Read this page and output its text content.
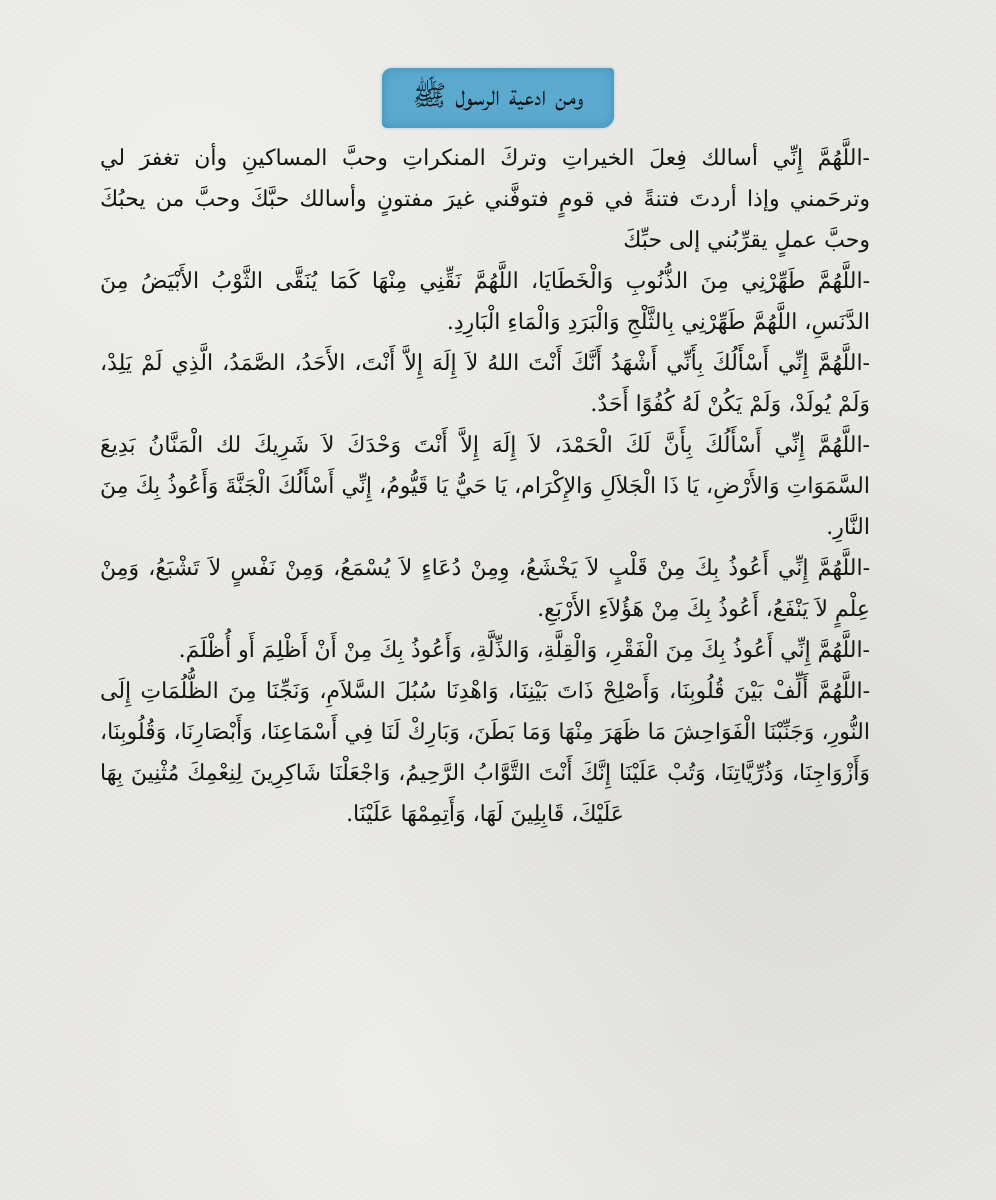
ومن ادعية الرسول ﷺ

-اللَّهُمَّ إِنِّي أسالك فِعلَ الخيراتِ وتركَ المنكراتِ وحبَّ المساكينِ وأن تغفرَ لي وترحَمني وإذا أردتَ فتنةً في قومٍ فتوفَّني غيرَ مفتونٍ وأسالك حبَّكَ وحبَّ من يحبُكَ وحبَّ عملٍ يقرِّبُني إلى حبِّكَ

-اللَّهُمَّ طَهِّرْنِي مِنَ الذُّنُوبِ وَالْخَطَايَا، اللَّهُمَّ نَقِّنِي مِنْهَا كَمَا يُنَقَّى الثَّوْبُ الأَبْيَضُ مِنَ الدَّنَسِ، اللَّهُمَّ طَهِّرْنِي بِالثَّلْجِ وَالْبَرَدِ وَالْمَاءِ الْبَارِدِ.

-اللَّهُمَّ إِنِّي أَسْأَلُكَ بِأَنِّي أَشْهَدُ أَنَّكَ أَنْتَ اللهُ لاَ إِلَهَ إِلاَّ أَنْتَ، الأَحَدُ، الصَّمَدُ، الَّذِي لَمْ يَلِدْ، وَلَمْ يُولَدْ، وَلَمْ يَكُنْ لَهُ كُفُوًا أَحَدٌ.

-اللَّهُمَّ إِنِّي أَسْأَلُكَ بِأَنَّ لَكَ الْحَمْدَ، لاَ إِلَهَ إِلاَّ أَنْتَ وَحْدَكَ لاَ شَرِيكَ لك الْمَنَّانُ بَدِيعَ السَّمَوَاتِ وَالأَرْضِ، يَا ذَا الْجَلاَلِ وَالإِكْرَام، يَا حَيُّ يَا قَيُّومُ، إِنِّي أَسْأَلُكَ الْجَنَّةَ وَأَعُوذُ بِكَ مِنَ النَّارِ.

-اللَّهُمَّ إِنِّي أَعُوذُ بِكَ مِنْ قَلْبٍ لاَ يَخْشَعُ، وِمِنْ دُعَاءٍ لاَ يُسْمَعُ، وَمِنْ نَفْسٍ لاَ تَشْبَعُ، وَمِنْ عِلْمٍ لاَ يَنْفَعُ، أَعُوذُ بِكَ مِنْ هَؤُلاَءِ الأَرْبَعِ.

-اللَّهُمَّ إِنِّي أَعُوذُ بِكَ مِنَ الْفَقْرِ، وَالْقِلَّةِ، وَالذِّلَّةِ، وَأَعُوذُ بِكَ مِنْ أَنْ أَظْلِمَ أَو أُظْلَمَ.

-اللَّهُمَّ أَلِّفْ بَيْنَ قُلُوبِنَا، وَأَصْلِحْ ذَاتَ بَيْنِنَا، وَاهْدِنَا سُبُلَ السَّلاَمِ، وَنَجِّنَا مِنَ الظُّلُمَاتِ إِلَى النُّورِ، وَجَنِّبْنَا الْفَوَاحِشَ مَا ظَهَرَ مِنْهَا وَمَا بَطَنَ، وَبَارِكْ لَنَا فِي أَسْمَاعِنَا، وَأَبْصَارِنَا، وَقُلُوبِنَا، وَأَزْوَاجِنَا، وَذُرِّيَّاتِنَا، وَتُبْ عَلَيْنَا إِنَّكَ أَنْتَ التَّوَّابُ الرَّحِيمُ، وَاجْعَلْنَا شَاكِرِينَ لِنِعْمِكَ مُثْنِينَ بِهَا عَلَيْكَ، قَابِلِينَ لَهَا، وَأَتِمِمْهَا عَلَيْنَا.
